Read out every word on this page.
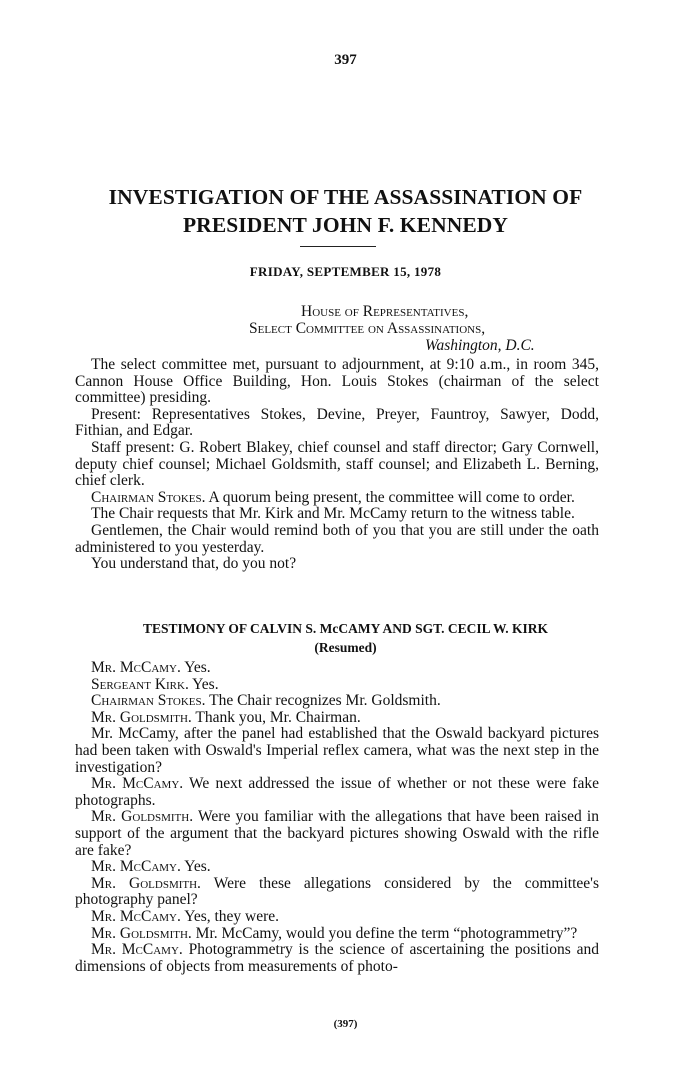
397
INVESTIGATION OF THE ASSASSINATION OF
PRESIDENT JOHN F. KENNEDY
FRIDAY, SEPTEMBER 15, 1978
House of Representatives,
Select Committee on Assassinations,
Washington, D.C.

The select committee met, pursuant to adjournment, at 9:10 a.m., in room 345, Cannon House Office Building, Hon. Louis Stokes (chairman of the select committee) presiding.

Present: Representatives Stokes, Devine, Preyer, Fauntroy, Sawyer, Dodd, Fithian, and Edgar.

Staff present: G. Robert Blakey, chief counsel and staff director; Gary Cornwell, deputy chief counsel; Michael Goldsmith, staff counsel; and Elizabeth L. Berning, chief clerk.

Chairman Stokes. A quorum being present, the committee will come to order.

The Chair requests that Mr. Kirk and Mr. McCamy return to the witness table.

Gentlemen, the Chair would remind both of you that you are still under the oath administered to you yesterday.

You understand that, do you not?

TESTIMONY OF CALVIN S. McCAMY AND SGT. CECIL W. KIRK
(Resumed)

Mr. McCamy. Yes.

Sergeant Kirk. Yes.

Chairman Stokes. The Chair recognizes Mr. Goldsmith.

Mr. Goldsmith. Thank you, Mr. Chairman.

Mr. McCamy, after the panel had established that the Oswald backyard pictures had been taken with Oswald's Imperial reflex camera, what was the next step in the investigation?

Mr. McCamy. We next addressed the issue of whether or not these were fake photographs.

Mr. Goldsmith. Were you familiar with the allegations that have been raised in support of the argument that the backyard pictures showing Oswald with the rifle are fake?

Mr. McCamy. Yes.

Mr. Goldsmith. Were these allegations considered by the committee's photography panel?

Mr. McCamy. Yes, they were.

Mr. Goldsmith. Mr. McCamy, would you define the term “photogrammetry”?

Mr. McCamy. Photogrammetry is the science of ascertaining the positions and dimensions of objects from measurements of photo-

(397)
